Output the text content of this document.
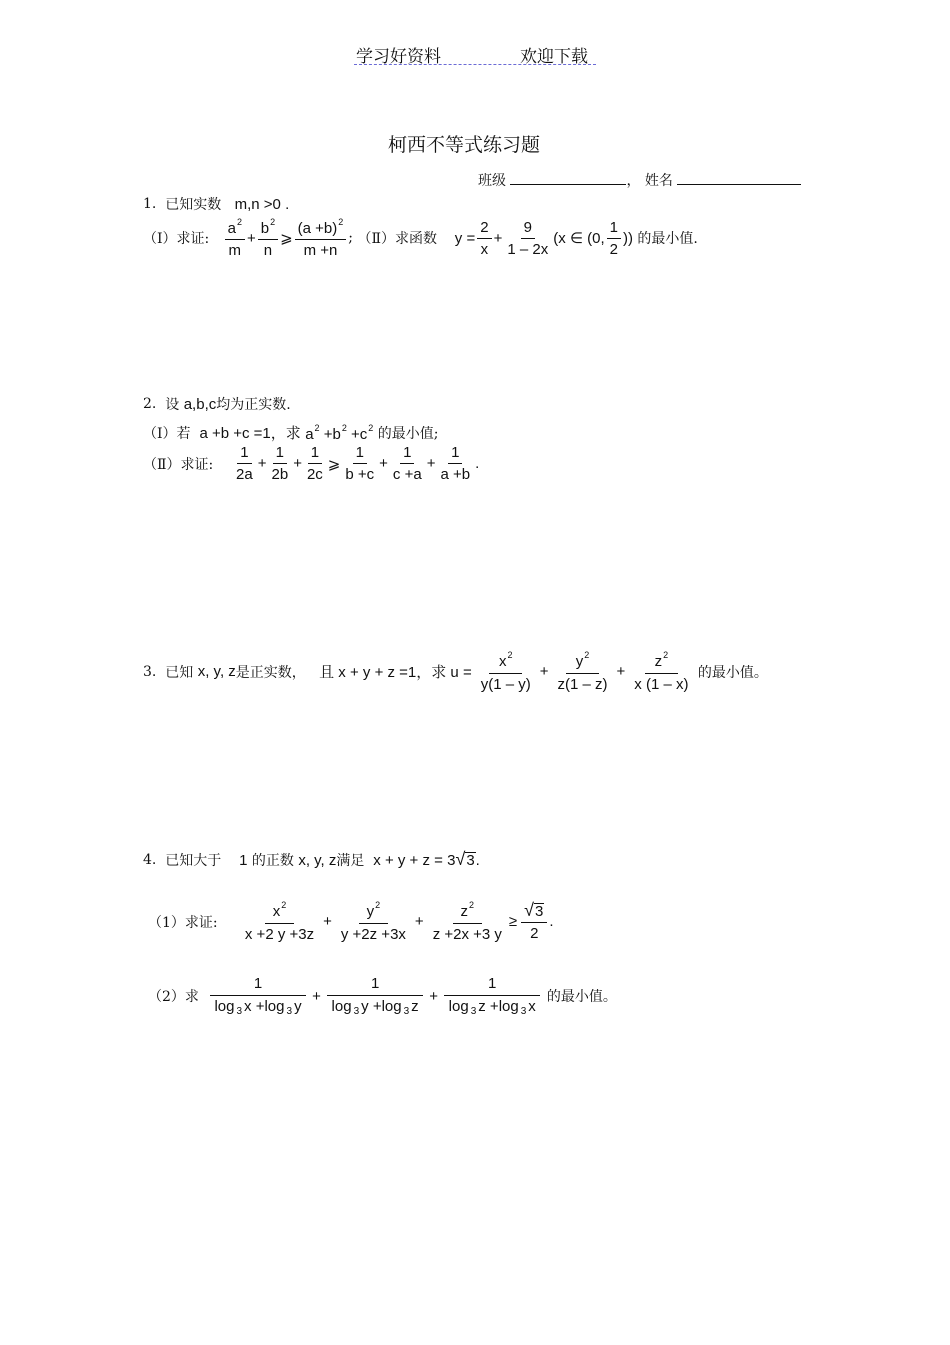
学习好资料	欢迎下载
柯西不等式练习题
班级	， 姓名
1.
已知实数
m,n >0 .
（Ⅰ）求证:
$\frac{a^2}{m} + \frac{b^2}{n}$ ⩾ $\frac{(a +b)^2}{m +n}$ ;
（Ⅱ）求函数
$y = \frac{2}{x} + \frac{9}{1 - 2x} (x$ ∈ (0, $\frac{1}{2}$ ))
的最小值.
2.
设
a,b,c 均为正实数.
（Ⅰ）若
a +b +c =1，求
$a^2 +b^2 +c^2$
的最小值;
（Ⅱ）求证:
$\frac{1}{2a} + \frac{1}{2b} + \frac{1}{2c}$ ⩾ $\frac{1}{b +c} + \frac{1}{c +a} + \frac{1}{a +b}$ .
3.
已知
x, y, z 是正实数，
且 x + y + z =1，求 $u = \frac{x^2}{y(1 - y)} + \frac{y^2}{z(1 - z)} + \frac{z^2}{x (1 - x)}$
的最小值。
4.
已知大于
1
的正数
x, y, z 满足
x + y + z = 3 √ 3 .
（1）求证:
$\frac{x^2}{x +2 y +3z} + \frac{y^2}{y +2z +3x} + \frac{z^2}{z +2x +3 y} \ge \frac{√ 3}{2}$ .
（2）求
$\frac{1}{\log _3 x +\log _3 y} + \frac{1}{\log _3 y +\log _3 z} + \frac{1}{\log _3 z +\log _3 x}$
的最小值。
